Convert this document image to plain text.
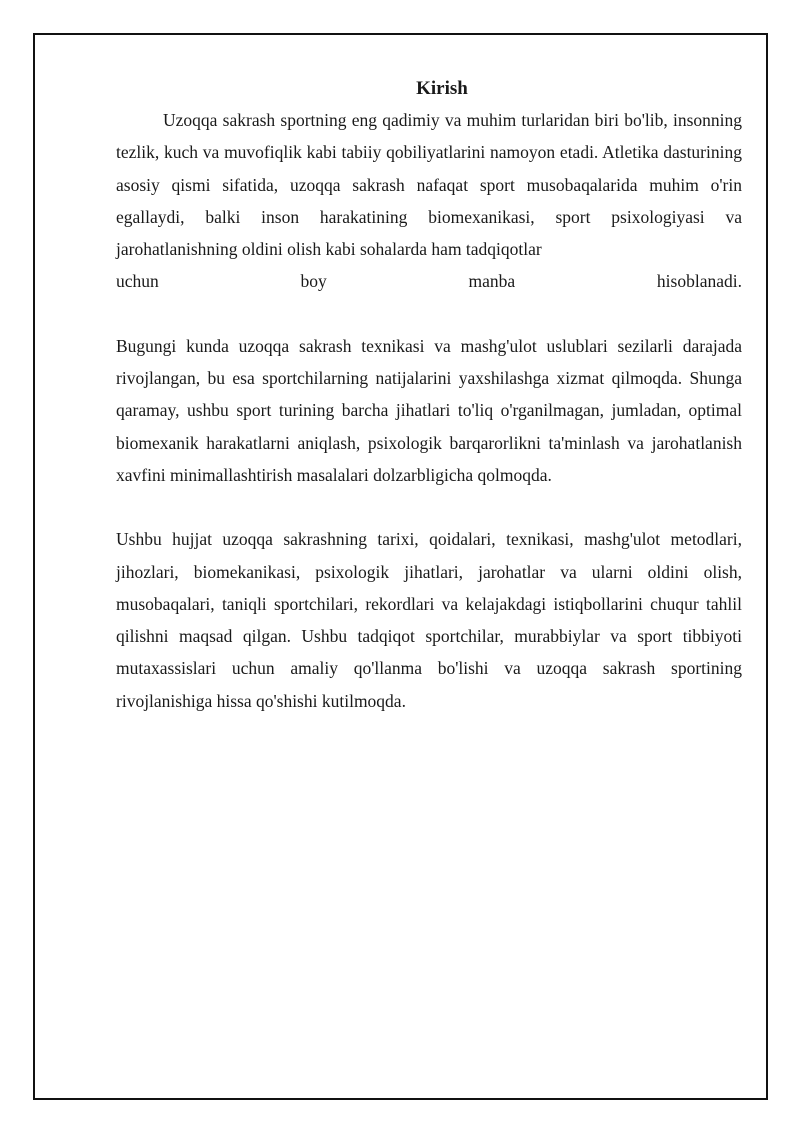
Kirish

Uzoqqa sakrash sportning eng qadimiy va muhim turlaridan biri bo'lib, insonning tezlik, kuch va muvofiqlik kabi tabiiy qobiliyatlarini namoyon etadi. Atletika dasturining asosiy qismi sifatida, uzoqqa sakrash nafaqat sport musobaqalarida muhim o'rin egallaydi, balki inson harakatining biomexanikasi, sport psixologiyasi va jarohatlanishning oldini olish kabi sohalarda ham tadqiqotlar
uchun boy manba hisoblanadi.

Bugungi kunda uzoqqa sakrash texnikasi va mashg'ulot uslublari sezilarli darajada rivojlangan, bu esa sportchilarning natijalarini yaxshilashga xizmat qilmoqda. Shunga qaramay, ushbu sport turining barcha jihatlari to'liq o'rganilmagan, jumladan, optimal biomexanik harakatlarni aniqlash, psixologik barqarorlikni ta'minlash va jarohatlanish xavfini minimallashtirish masalalari dolzarbligicha qolmoqda.

Ushbu hujjat uzoqqa sakrashning tarixi, qoidalari, texnikasi, mashg'ulot metodlari, jihozlari, biomekanikasi, psixologik jihatlari, jarohatlar va ularni oldini olish, musobaqalari, taniqli sportchilari, rekordlari va kelajakdagi istiqbollarini chuqur tahlil qilishni maqsad qilgan. Ushbu tadqiqot sportchilar, murabbiylar va sport tibbiyoti mutaxassislari uchun amaliy qo'llanma bo'lishi va uzoqqa sakrash sportining rivojlanishiga hissa qo'shishi kutilmoqda.
